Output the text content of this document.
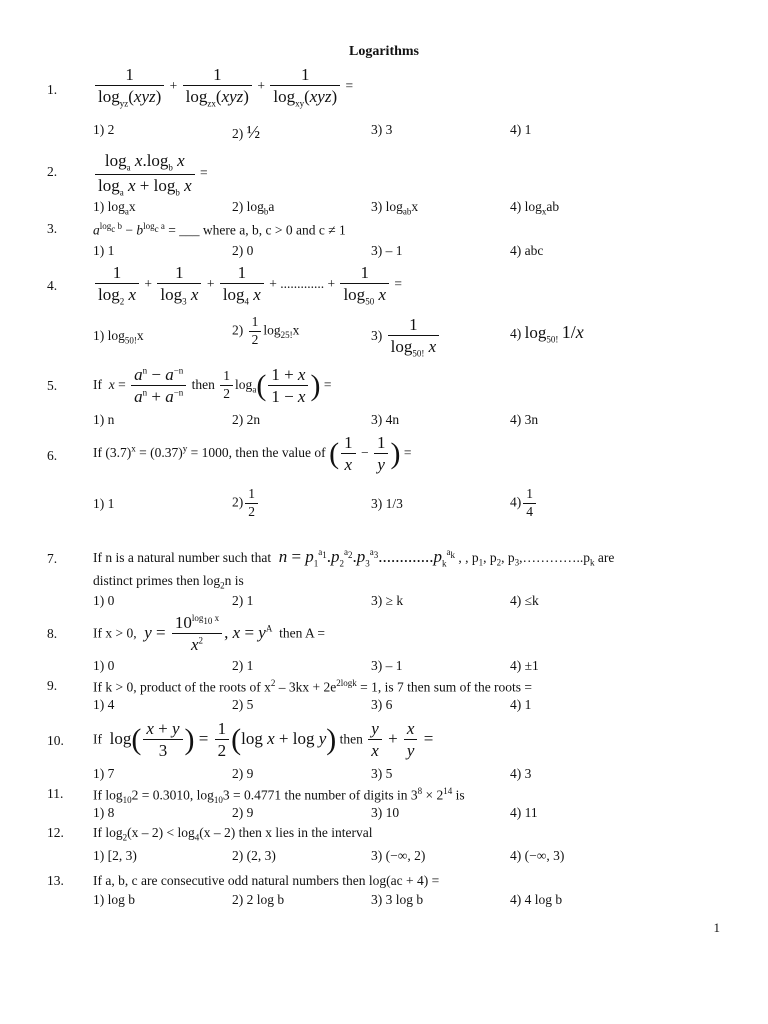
Logarithms
1. $\frac{1}{\log_{yz}(xyz)} + \frac{1}{\log_{zx}(xyz)} + \frac{1}{\log_{xy}(xyz)}$ =
1) 2	2) ½	3) 3	4) 1
2. $\frac{\log_a x.\log_b x}{\log_a x + \log_b x}$ =
1) $\log_ax$	2) $\log_ba$	3) $\log_{ab}x$	4) $\log_xab$
3.	$a^{log_c b} - b^{log_c a}$ = ___ where a, b, c > 0 and c ≠ 1
1) 1	2) 0	3) – 1	4) abc
4. $\frac{1}{\log_2 x} + \frac{1}{\log_3 x} + \frac{1}{\log_4 x}$ + ............. + $\frac{1}{\log_{50} x}$ =
1) $\log_{50!}x$	$2) \frac{1}{2} \log_{25!}x$	$3) \frac{1}{\log_{50!} x}$	4) $\log_{50!} 1/x$
5.	If  $x = \frac{a^n - a^{-n}}{a^n + a^{-n}}$ then $\frac{1}{2} \log_a( \frac{1 + x}{1 - x}$ ) =
1) n	2) 2n	3) 4n	4) 3n
6.	If $(3.7)^x = (0.37)^y = 1000$, then the value of ( $\frac{1}{x} - \frac{1}{y}$ ) =
1) 1	$2) \frac{1}{2}$	3) 1/3	$4) \frac{1}{4}$
7.	If n is a natural number such that $n = p_1^{a_1}.p_2^{a_2}.p_3^{a_3}.............p_k^{a_k}$ , , $p_1$, $p_2$, $p_3,\dots\dots\dots\dots..p_k$ are
distinct primes then $\log_2n$ is
1) 0	2) 1	3) ≥ k	4) ≤k
8.	If x > 0, $y = \frac{10^{log_{10} x}}{x^2}$ , $x = y^A$  then A =
1) 0	2) 1	3) – 1	4) ±1
9.	If k > 0, product of the roots of $x^2 - 3kx + 2e^{2logk} = 1$, is 7 then sum of the roots =
1) 4	2) 5	3) 6	4) 1
10. If  $\log( \frac{x + y}{3}$ ) = $\frac{1}{2} (\log$ x + log y) then $\frac{y}{x} + \frac{x}{y}$ =
1) 7	2) 9	3) 5	4) 3
11. If $\log_{10}2 = 0.3010$, $\log_{10}3 = 0.4771$ the number of digits in $3^8 \times 2^{14}$ is
1) 8	2) 9	3) 10	4) 11
12. If $\log_2(x - 2) < \log_4(x - 2)$ then x lies in the interval
1) [2, 3)	2) (2, 3)	3) (−∞, 2)	4) (−∞, 3)
13. If a, b, c are consecutive odd natural numbers then log(ac + 4) =
1) log b	2) 2 log b	3) 3 log b	4) 4 log b
1
